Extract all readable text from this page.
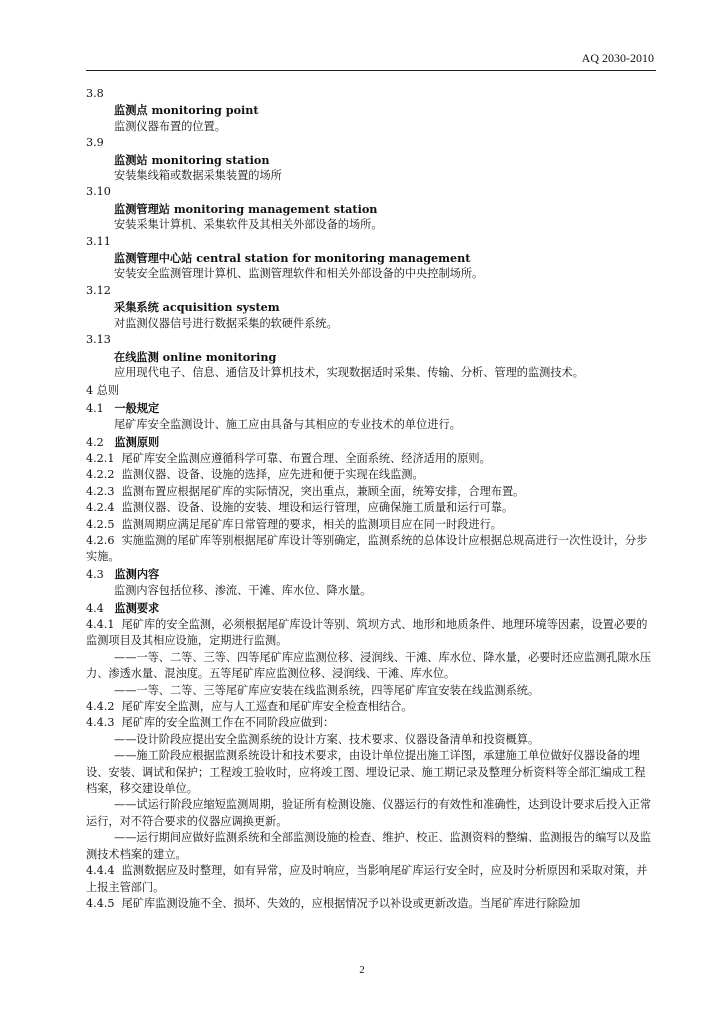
AQ 2030-2010
3.8
监测点 monitoring point
监测仪器布置的位置。
3.9
监测站 monitoring station
安装集线箱或数据采集装置的场所
3.10
监测管理站 monitoring management station
安装采集计算机、采集软件及其相关外部设备的场所。
3.11
监测管理中心站 central station for monitoring management
安装安全监测管理计算机、监测管理软件和相关外部设备的中央控制场所。
3.12
采集系统 acquisition system
对监测仪器信号进行数据采集的软硬件系统。
3.13
在线监测 online monitoring
应用现代电子、信息、通信及计算机技术，实现数据适时采集、传输、分析、管理的监测技术。
4 总则
4.1 一般规定
尾矿库安全监测设计、施工应由具备与其相应的专业技术的单位进行。
4.2 监测原则
4.2.1 尾矿库安全监测应遵循科学可靠、布置合理、全面系统、经济适用的原则。
4.2.2 监测仪器、设备、设施的选择，应先进和便于实现在线监测。
4.2.3 监测布置应根据尾矿库的实际情况，突出重点，兼顾全面，统筹安排，合理布置。
4.2.4 监测仪器、设备、设施的安装、埋设和运行管理，应确保施工质量和运行可靠。
4.2.5 监测周期应满足尾矿库日常管理的要求，相关的监测项目应在同一时段进行。
4.2.6 实施监测的尾矿库等别根据尾矿库设计等别确定，监测系统的总体设计应根据总规高进行一次性设计，分步实施。
4.3 监测内容
监测内容包括位移、渗流、干滩、库水位、降水量。
4.4 监测要求
4.4.1 尾矿库的安全监测，必须根据尾矿库设计等别、筑坝方式、地形和地质条件、地理环境等因素，设置必要的监测项目及其相应设施，定期进行监测。
——一等、二等、三等、四等尾矿库应监测位移、浸润线、干滩、库水位、降水量，必要时还应监测孔隙水压力、渗透水量、混浊度。五等尾矿库应监测位移、浸润线、干滩、库水位。
——一等、二等、三等尾矿库应安装在线监测系统，四等尾矿库宜安装在线监测系统。
4.4.2 尾矿库安全监测，应与人工巡查和尾矿库安全检查相结合。
4.4.3 尾矿库的安全监测工作在不同阶段应做到：
——设计阶段应提出安全监测系统的设计方案、技术要求、仪器设备清单和投资概算。
——施工阶段应根据监测系统设计和技术要求，由设计单位提出施工详图，承建施工单位做好仪器设备的埋设、安装、调试和保护；工程竣工验收时，应将竣工图、埋设记录、施工期记录及整理分析资料等全部汇编成工程档案，移交建设单位。
——试运行阶段应缩短监测周期，验证所有检测设施、仪器运行的有效性和准确性，达到设计要求后投入正常运行，对不符合要求的仪器应调换更新。
——运行期间应做好监测系统和全部监测设施的检查、维护、校正、监测资料的整编、监测报告的编写以及监测技术档案的建立。
4.4.4 监测数据应及时整理，如有异常，应及时响应，当影响尾矿库运行安全时，应及时分析原因和采取对策，并上报主管部门。
4.4.5 尾矿库监测设施不全、损坏、失效的，应根据情况予以补设或更新改造。当尾矿库进行除险加
2
